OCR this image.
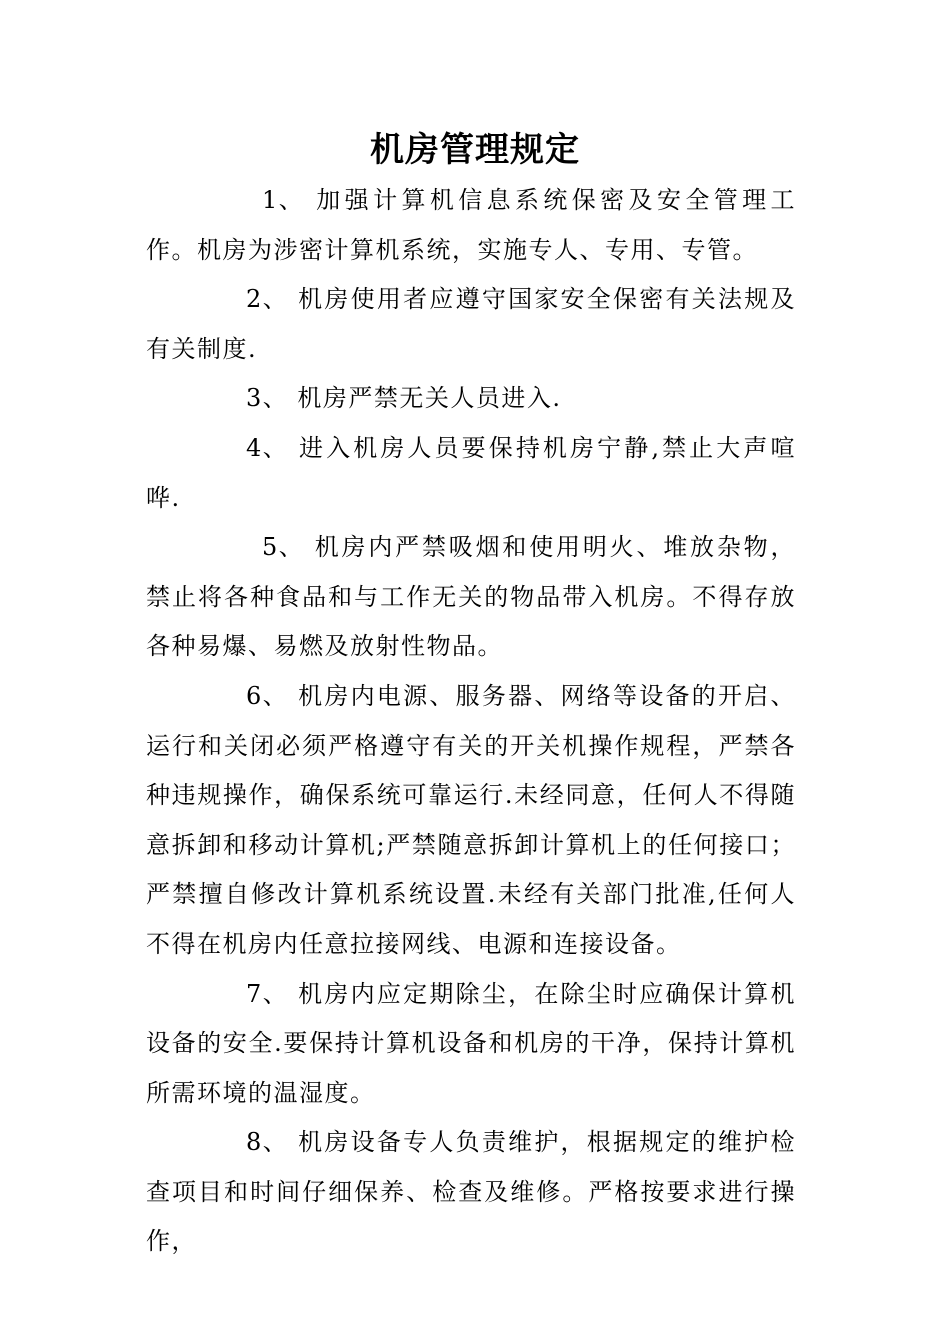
机房管理规定

1、 加强计算机信息系统保密及安全管理工作。机房为涉密计算机系统，实施专人、专用、专管。

2、 机房使用者应遵守国家安全保密有关法规及有关制度.

3、 机房严禁无关人员进入.

4、 进入机房人员要保持机房宁静,禁止大声喧哗.

5、 机房内严禁吸烟和使用明火、堆放杂物，禁止将各种食品和与工作无关的物品带入机房。不得存放各种易爆、易燃及放射性物品。

6、 机房内电源、服务器、网络等设备的开启、运行和关闭必须严格遵守有关的开关机操作规程，严禁各种违规操作，确保系统可靠运行.未经同意，任何人不得随意拆卸和移动计算机;严禁随意拆卸计算机上的任何接口；严禁擅自修改计算机系统设置.未经有关部门批准,任何人不得在机房内任意拉接网线、电源和连接设备。

7、 机房内应定期除尘，在除尘时应确保计算机设备的安全.要保持计算机设备和机房的干净，保持计算机所需环境的温湿度。

8、 机房设备专人负责维护，根据规定的维护检查项目和时间仔细保养、检查及维修。严格按要求进行操作，
